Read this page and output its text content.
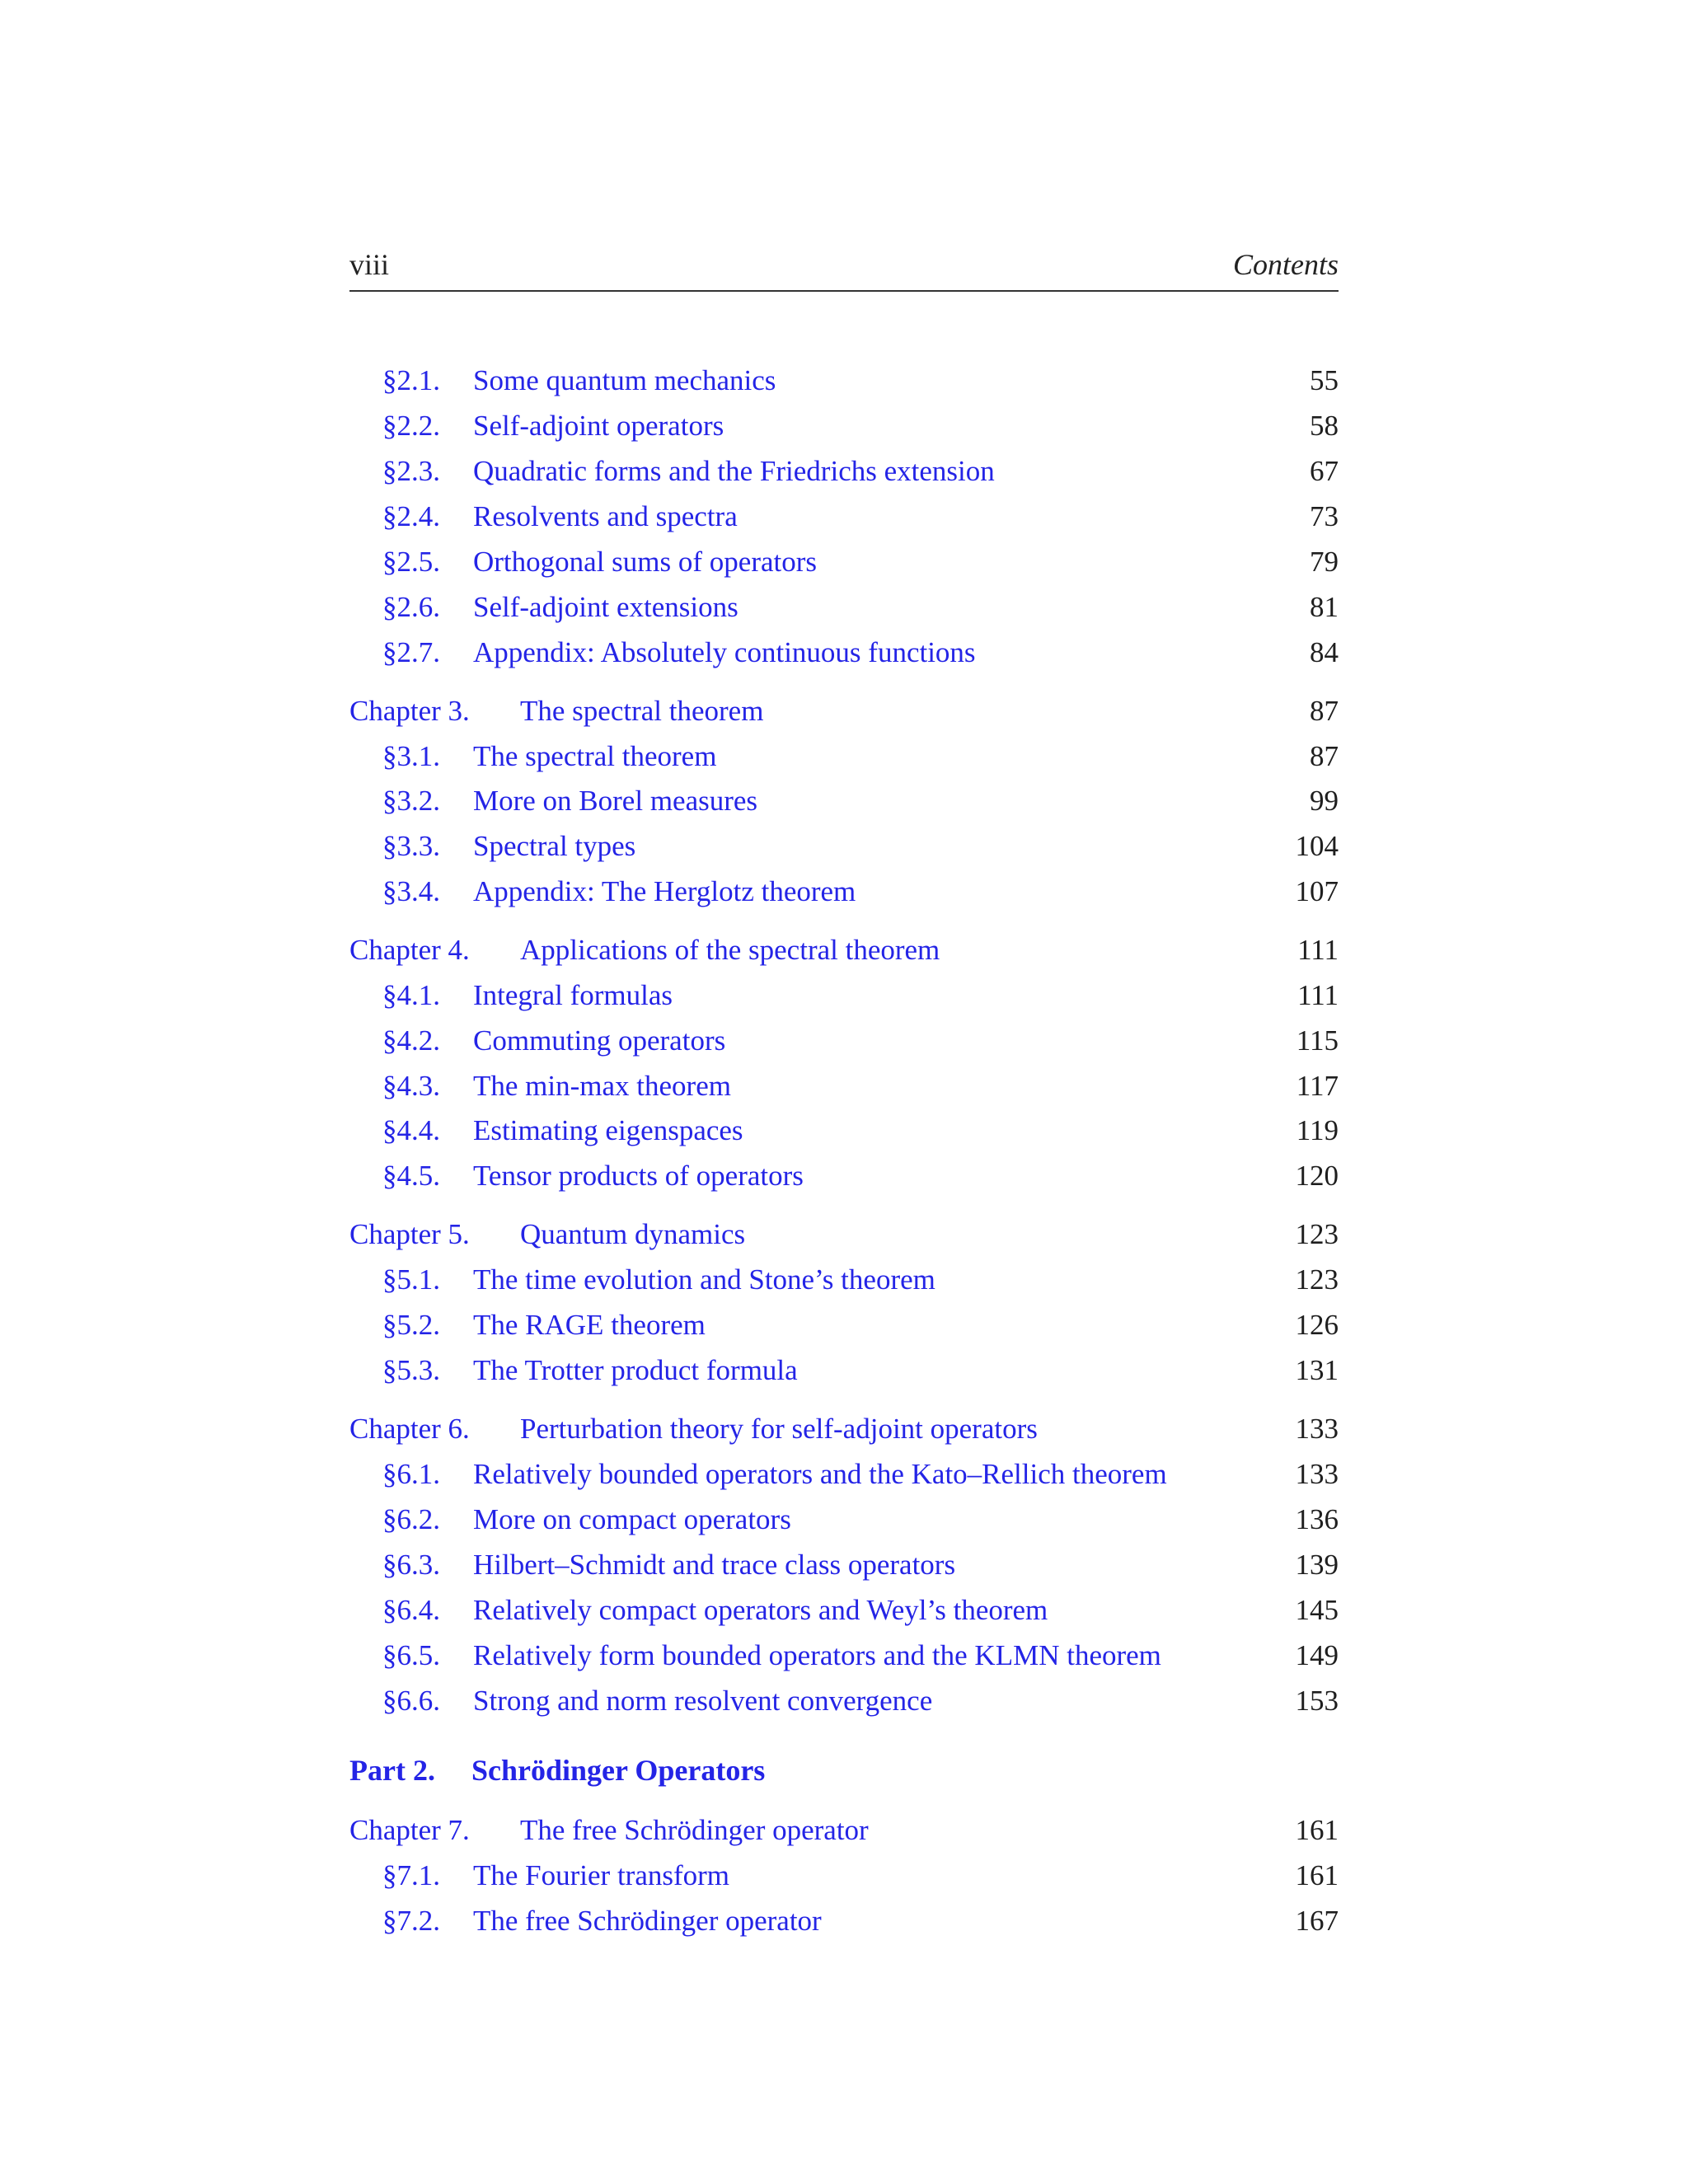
viii	Contents
§2.1. Some quantum mechanics	55
§2.2. Self-adjoint operators	58
§2.3. Quadratic forms and the Friedrichs extension	67
§2.4. Resolvents and spectra	73
§2.5. Orthogonal sums of operators	79
§2.6. Self-adjoint extensions	81
§2.7. Appendix: Absolutely continuous functions	84
Chapter 3. The spectral theorem	87
§3.1. The spectral theorem	87
§3.2. More on Borel measures	99
§3.3. Spectral types	104
§3.4. Appendix: The Herglotz theorem	107
Chapter 4. Applications of the spectral theorem	111
§4.1. Integral formulas	111
§4.2. Commuting operators	115
§4.3. The min-max theorem	117
§4.4. Estimating eigenspaces	119
§4.5. Tensor products of operators	120
Chapter 5. Quantum dynamics	123
§5.1. The time evolution and Stone’s theorem	123
§5.2. The RAGE theorem	126
§5.3. The Trotter product formula	131
Chapter 6. Perturbation theory for self-adjoint operators	133
§6.1. Relatively bounded operators and the Kato–Rellich theorem	133
§6.2. More on compact operators	136
§6.3. Hilbert–Schmidt and trace class operators	139
§6.4. Relatively compact operators and Weyl’s theorem	145
§6.5. Relatively form bounded operators and the KLMN theorem	149
§6.6. Strong and norm resolvent convergence	153
Part 2. Schrödinger Operators
Chapter 7. The free Schrödinger operator	161
§7.1. The Fourier transform	161
§7.2. The free Schrödinger operator	167
